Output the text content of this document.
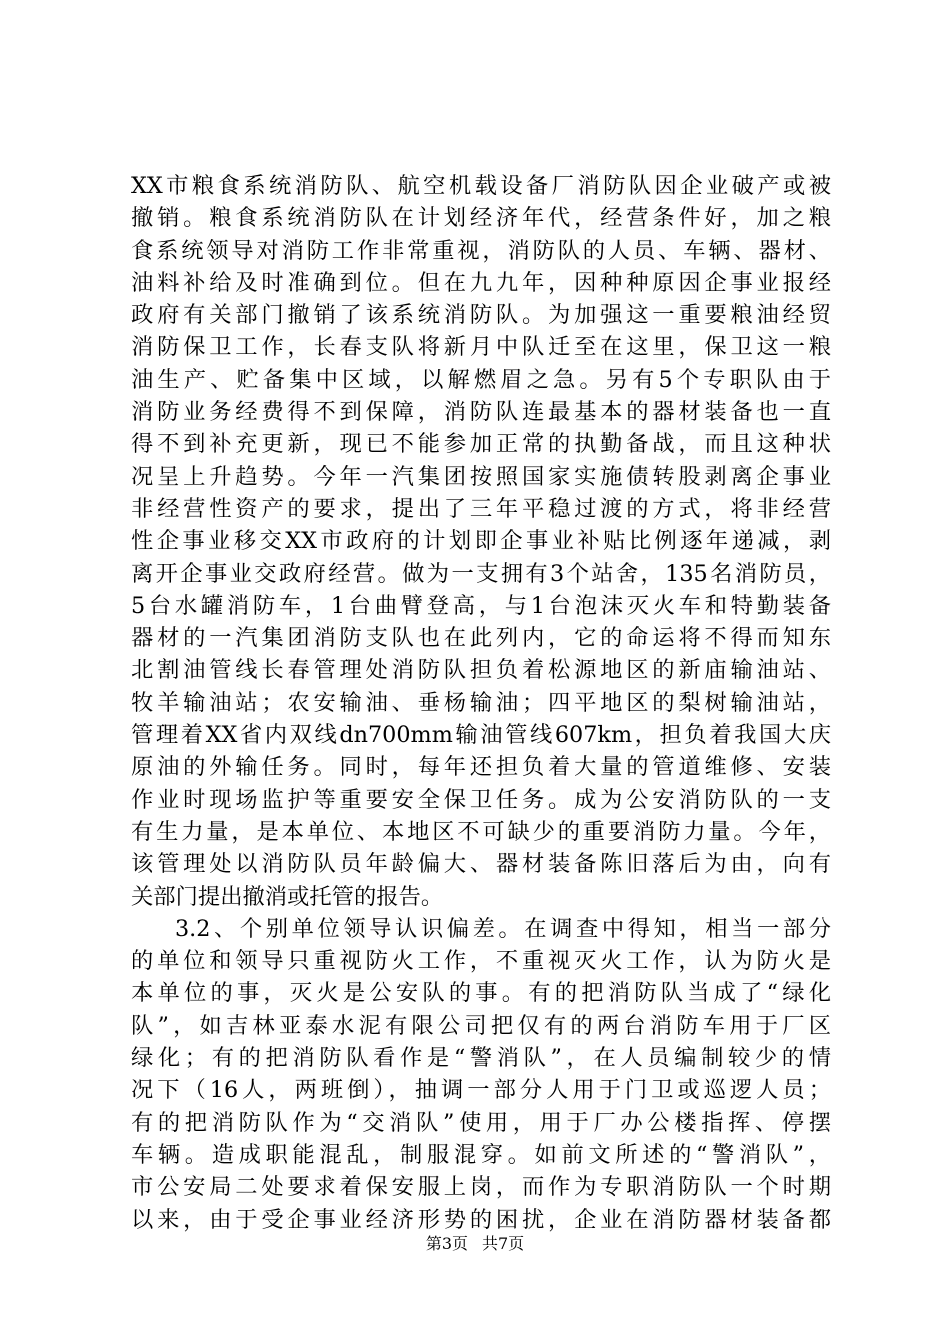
XX市粮食系统消防队、航空机载设备厂消防队因企业破产或被
撤销。粮食系统消防队在计划经济年代，经营条件好，加之粮
食系统领导对消防工作非常重视，消防队的人员、车辆、器材、
油料补给及时准确到位。但在九九年，因种种原因企事业报经
政府有关部门撤销了该系统消防队。为加强这一重要粮油经贸
消防保卫工作，长春支队将新月中队迁至在这里，保卫这一粮
油生产、贮备集中区域，以解燃眉之急。另有5个专职队由于
消防业务经费得不到保障，消防队连最基本的器材装备也一直
得不到补充更新，现已不能参加正常的执勤备战，而且这种状
况呈上升趋势。今年一汽集团按照国家实施债转股剥离企事业
非经营性资产的要求，提出了三年平稳过渡的方式，将非经营
性企事业移交XX市政府的计划即企事业补贴比例逐年递减，剥
离开企事业交政府经营。做为一支拥有3个站舍，135名消防员，
5台水罐消防车，1台曲臂登高，与1台泡沫灭火车和特勤装备
器材的一汽集团消防支队也在此列内，它的命运将不得而知东
北割油管线长春管理处消防队担负着松源地区的新庙输油站、
牧羊输油站；农安输油、垂杨输油；四平地区的梨树输油站，
管理着XX省内双线dn700mm输油管线607km，担负着我国大庆
原油的外输任务。同时，每年还担负着大量的管道维修、安装
作业时现场监护等重要安全保卫任务。成为公安消防队的一支
有生力量，是本单位、本地区不可缺少的重要消防力量。今年，
该管理处以消防队员年龄偏大、器材装备陈旧落后为由，向有
关部门提出撤消或托管的报告。
3.2、个别单位领导认识偏差。在调查中得知，相当一部分
的单位和领导只重视防火工作，不重视灭火工作，认为防火是
本单位的事，灭火是公安队的事。有的把消防队当成了“绿化
队”，如吉林亚泰水泥有限公司把仅有的两台消防车用于厂区
绿化；有的把消防队看作是“警消队”，在人员编制较少的情
况下（16人，两班倒），抽调一部分人用于门卫或巡逻人员；
有的把消防队作为“交消队”使用，用于厂办公楼指挥、停摆
车辆。造成职能混乱，制服混穿。如前文所述的“警消队”，
市公安局二处要求着保安服上岗，而作为专职消防队一个时期
以来，由于受企事业经济形势的困扰，企业在消防器材装备都
第3页 共7页
